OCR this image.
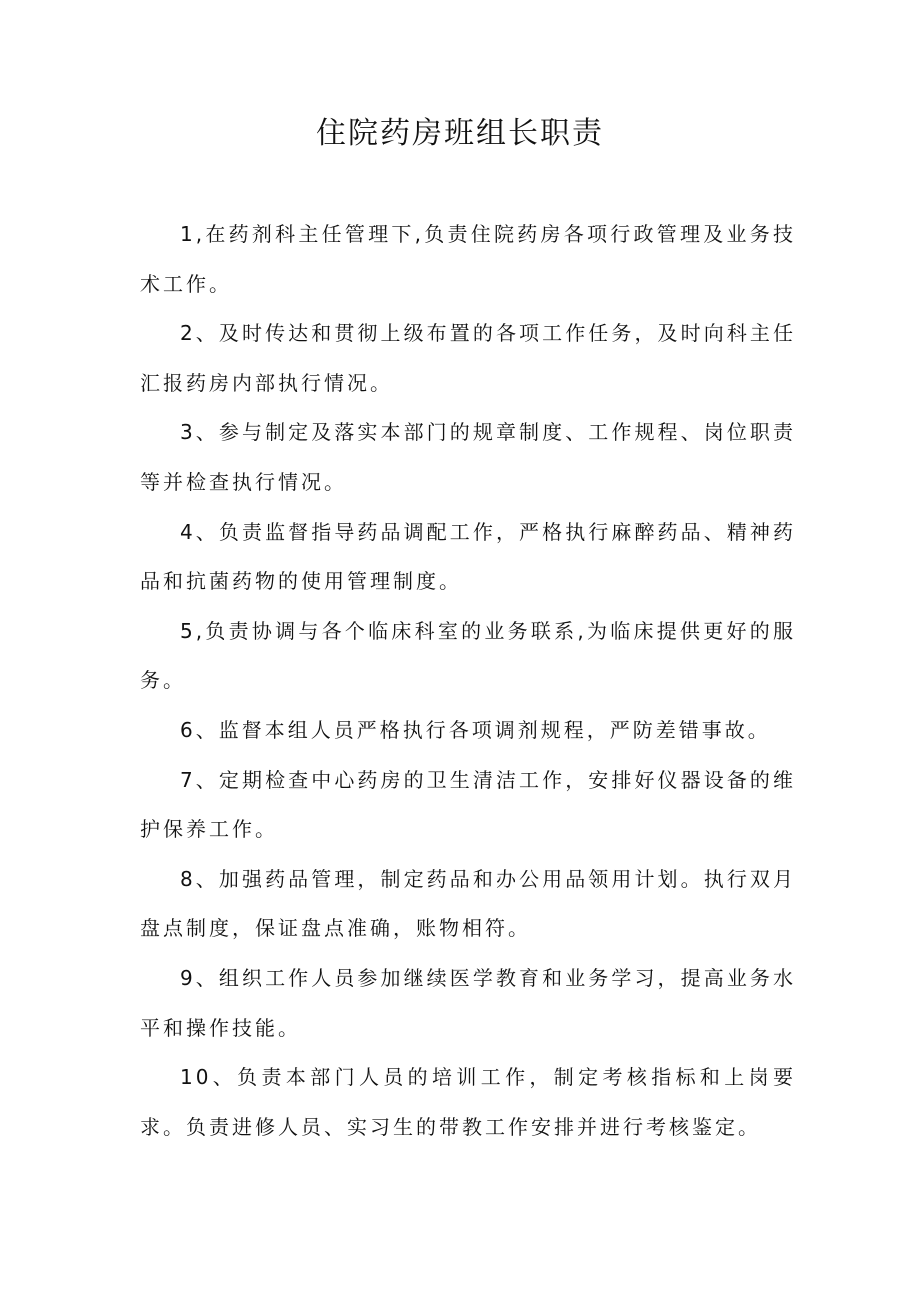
住院药房班组长职责

1,在药剂科主任管理下,负责住院药房各项行政管理及业务技术工作。

2、及时传达和贯彻上级布置的各项工作任务，及时向科主任汇报药房内部执行情况。

3、参与制定及落实本部门的规章制度、工作规程、岗位职责等并检查执行情况。

4、负责监督指导药品调配工作，严格执行麻醉药品、精神药品和抗菌药物的使用管理制度。

5,负责协调与各个临床科室的业务联系,为临床提供更好的服务。

6、监督本组人员严格执行各项调剂规程，严防差错事故。

7、定期检查中心药房的卫生清洁工作，安排好仪器设备的维护保养工作。

8、加强药品管理，制定药品和办公用品领用计划。执行双月盘点制度，保证盘点准确，账物相符。

9、组织工作人员参加继续医学教育和业务学习，提高业务水平和操作技能。

10、负责本部门人员的培训工作，制定考核指标和上岗要求。负责进修人员、实习生的带教工作安排并进行考核鉴定。
